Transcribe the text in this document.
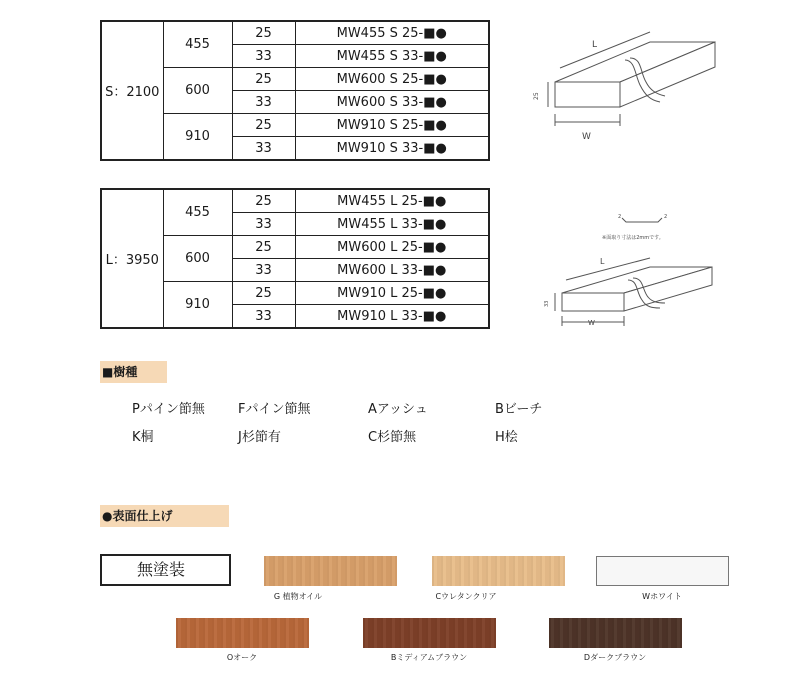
S：2100	455	25	MW455 S 25-■●
		33	MW455 S 33-■●
	600	25	MW600 S 25-■●
		33	MW600 S 33-■●
	910	25	MW910 S 25-■●
		33	MW910 S 33-■●
L：3950	455	25	MW455 L 25-■●
		33	MW455 L 33-■●
	600	25	MW600 L 25-■●
		33	MW600 L 33-■●
	910	25	MW910 L 25-■●
		33	MW910 L 33-■●
L
25
W
2	2
※面取り寸法は2mmです。
L
33
W
■樹種
Pパイン節無	Fパイン節無	Aアッシュ	Bビーチ
K桐	J杉節有	C杉節無	H桧
●表面仕上げ
無塗装
G 植物オイル	Cウレタンクリア	Wホワイト
Oオーク	Bミディアムブラウン	Dダークブラウン
